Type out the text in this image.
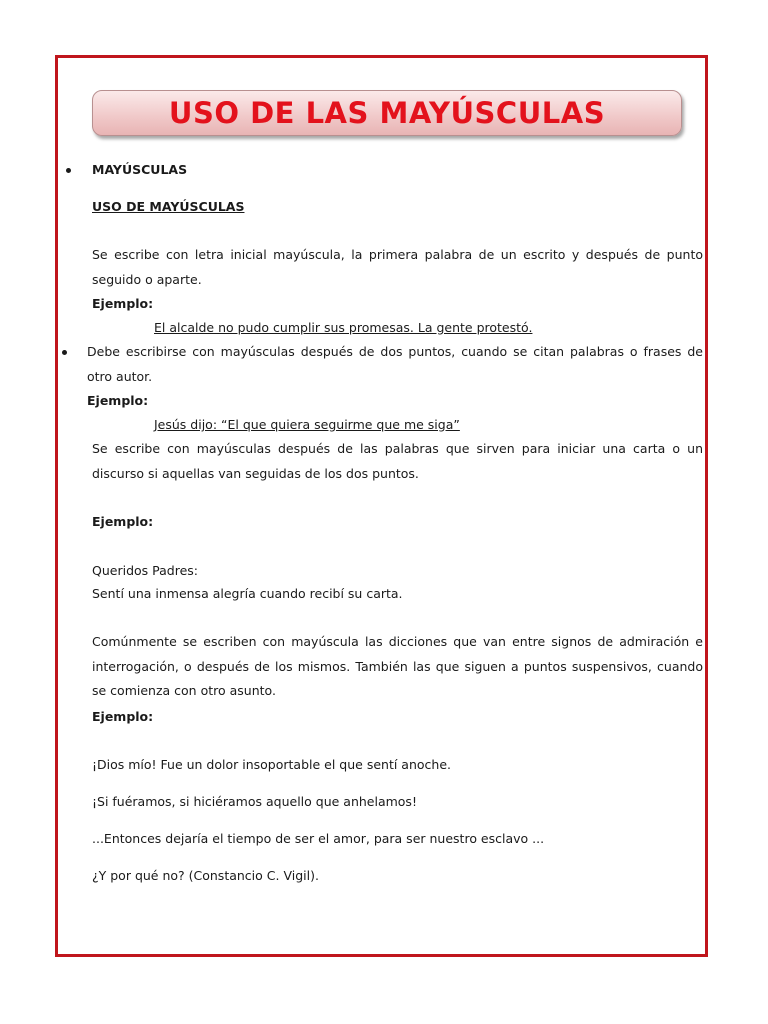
USO DE LAS MAYÚSCULAS
MAYÚSCULAS
USO DE MAYÚSCULAS
Se escribe con letra inicial mayúscula, la primera palabra de un escrito y después de punto seguido o aparte.
Ejemplo:
El alcalde no pudo cumplir sus promesas. La gente protestó.
Debe escribirse con mayúsculas después de dos puntos, cuando se citan palabras o frases de otro autor.
Ejemplo:
Jesús dijo: “El que quiera seguirme que me siga”
Se escribe con mayúsculas después de las palabras que sirven para iniciar una carta o un discurso si aquellas van seguidas de los dos puntos.
Ejemplo:
Queridos Padres:
Sentí una inmensa alegría cuando recibí su carta.
Comúnmente se escriben con mayúscula las dicciones que van entre signos de admiración e interrogación, o después de los mismos. También las que siguen a puntos suspensivos, cuando se comienza con otro asunto.
Ejemplo:
¡Dios mío! Fue un dolor insoportable el que sentí anoche.
¡Si fuéramos, si hiciéramos aquello que anhelamos!
...Entonces dejaría el tiempo de ser el amor, para ser nuestro esclavo ...
¿Y por qué no? (Constancio C. Vigil).
